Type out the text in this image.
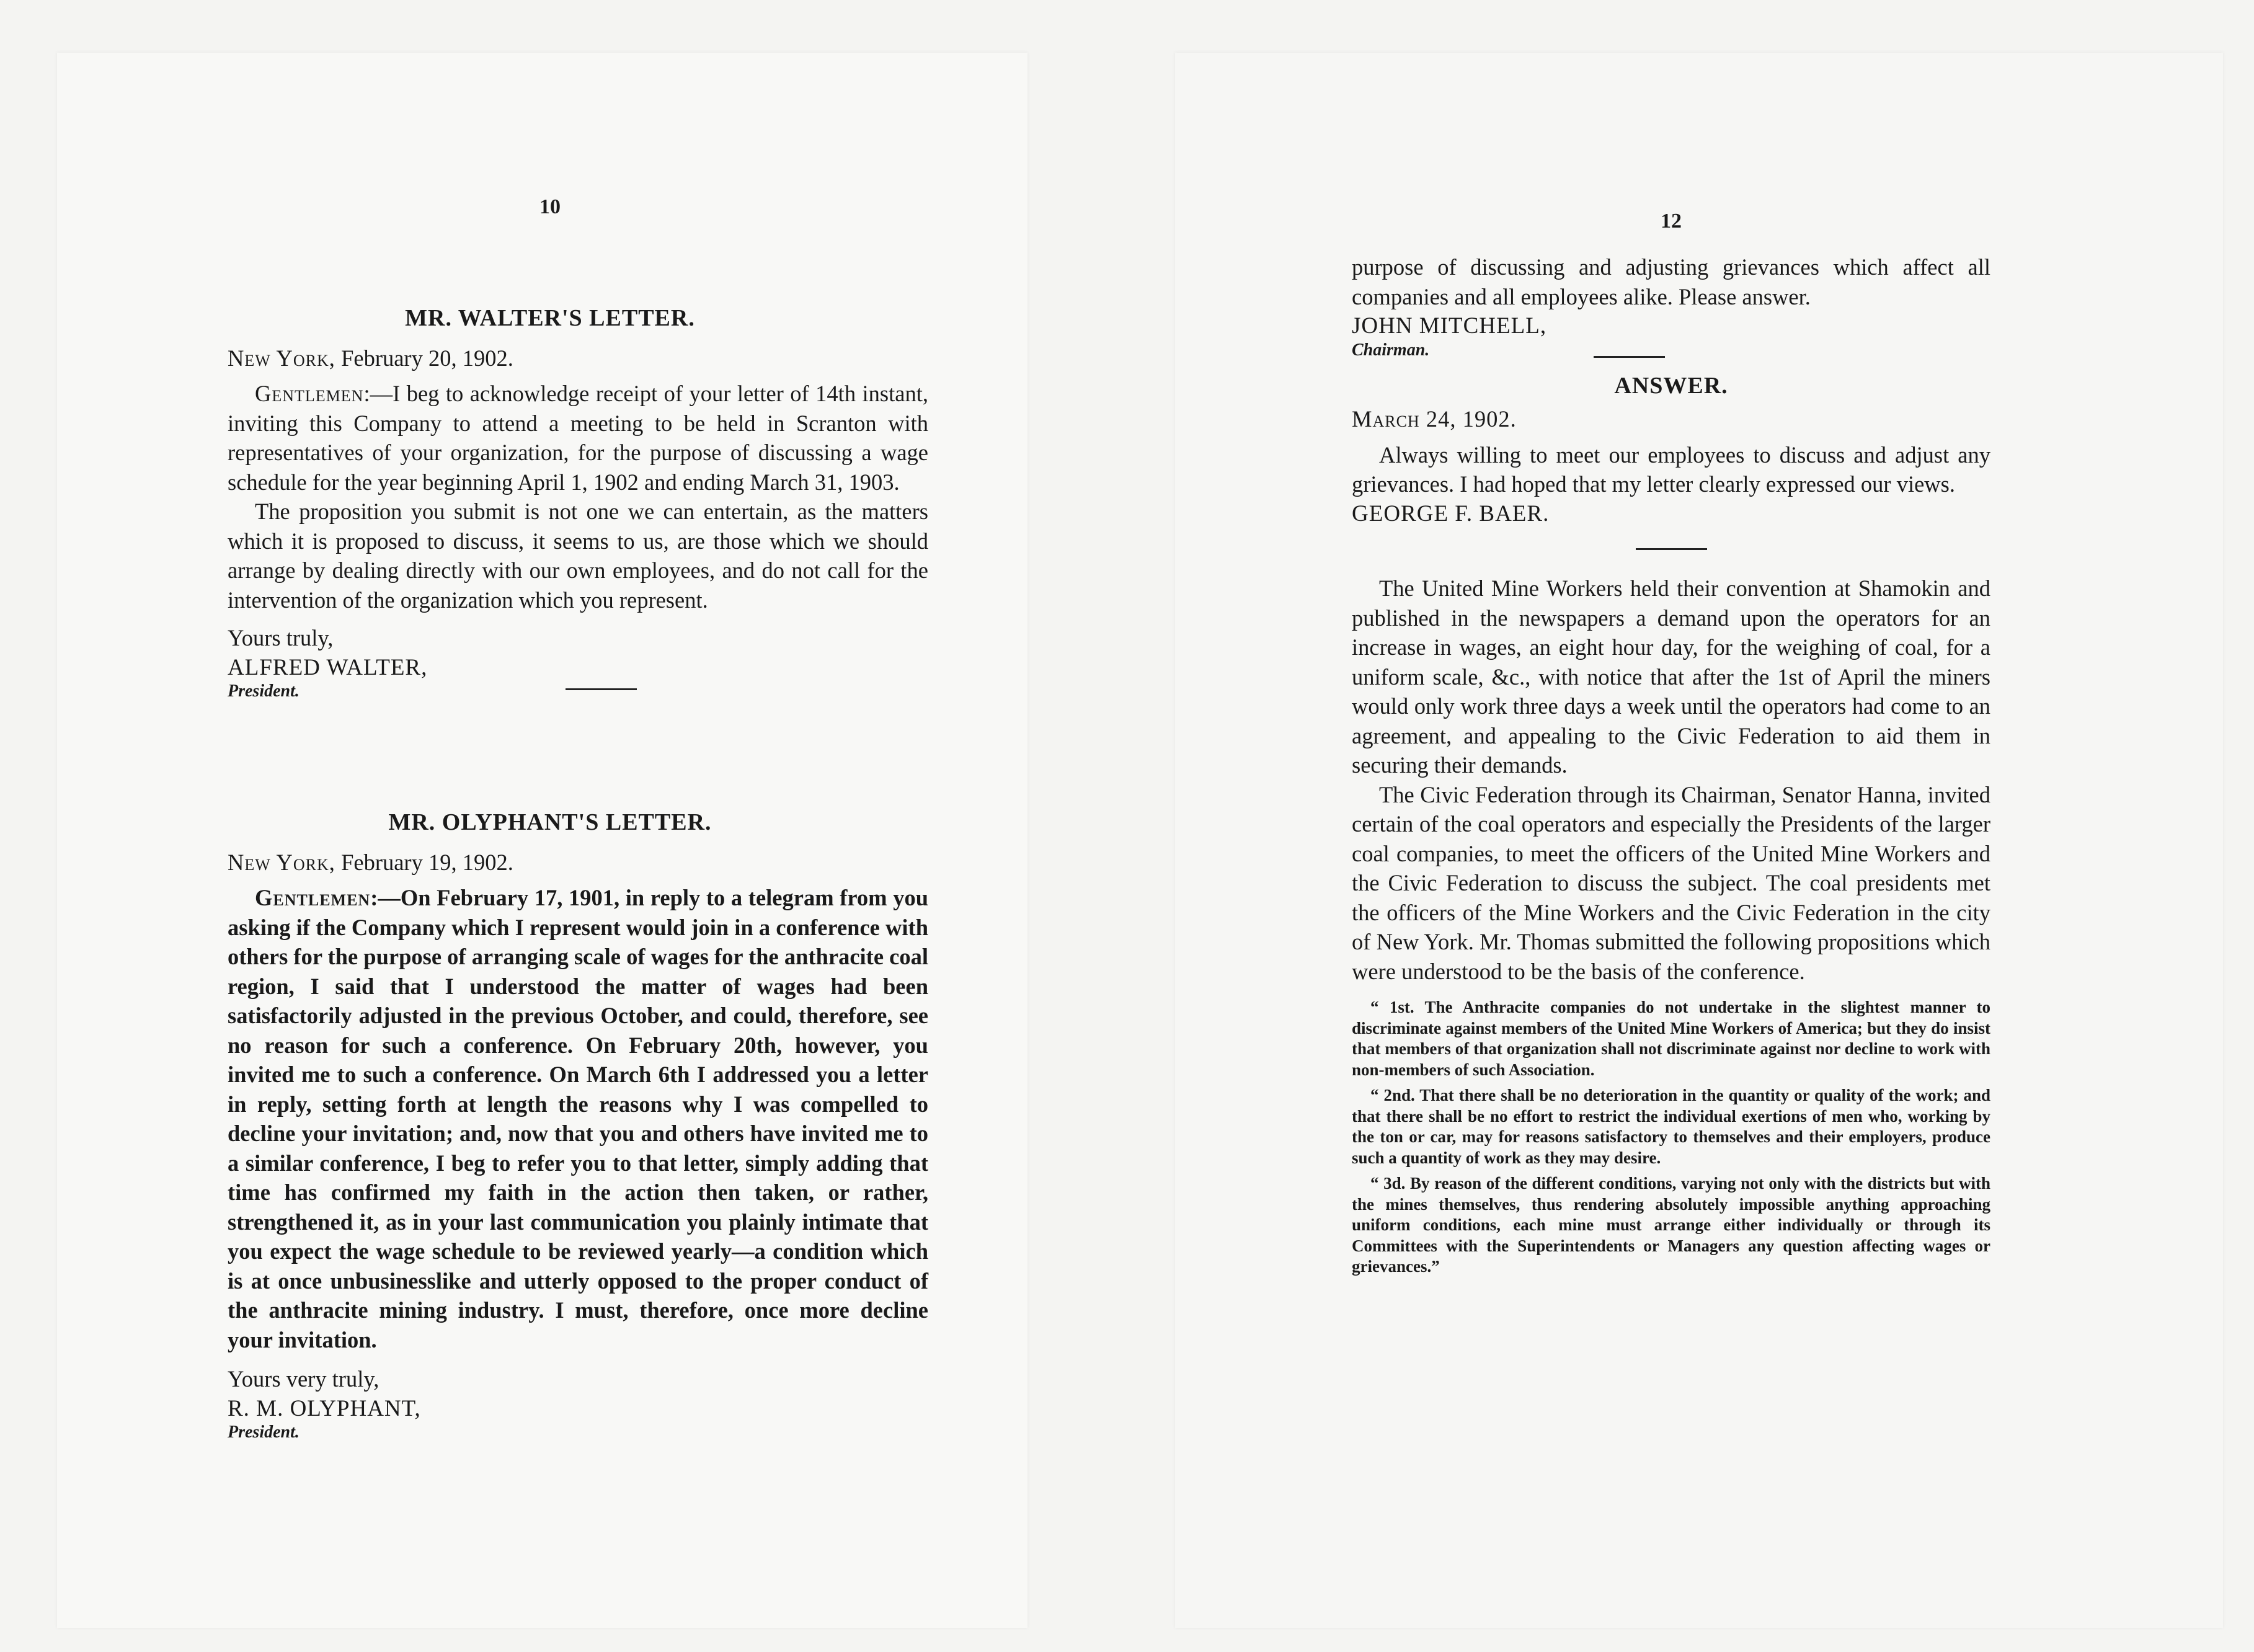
10
MR. WALTER'S LETTER.

New York, February 20, 1902.

Gentlemen:—I beg to acknowledge receipt of your letter of 14th instant, inviting this Company to attend a meeting to be held in Scranton with representatives of your organization, for the purpose of discussing a wage schedule for the year beginning April 1, 1902 and ending March 31, 1903.

The proposition you submit is not one we can entertain, as the matters which it is proposed to discuss, it seems to us, are those which we should arrange by dealing directly with our own employees, and do not call for the intervention of the organization which you represent.

Yours truly,

ALFRED WALTER,

President.

MR. OLYPHANT'S LETTER.

New York, February 19, 1902.

Gentlemen:—On February 17, 1901, in reply to a telegram from you asking if the Company which I represent would join in a conference with others for the purpose of arranging scale of wages for the anthracite coal region, I said that I understood the matter of wages had been satisfactorily adjusted in the previous October, and could, therefore, see no reason for such a conference. On February 20th, however, you invited me to such a conference. On March 6th I addressed you a letter in reply, setting forth at length the reasons why I was compelled to decline your invitation; and, now that you and others have invited me to a similar conference, I beg to refer you to that letter, simply adding that time has confirmed my faith in the action then taken, or rather, strengthened it, as in your last communication you plainly intimate that you expect the wage schedule to be reviewed yearly—a condition which is at once unbusinesslike and utterly opposed to the proper conduct of the anthracite mining industry. I must, therefore, once more decline your invitation.

Yours very truly,

R. M. OLYPHANT,

President.

12

purpose of discussing and adjusting grievances which affect all companies and all employees alike. Please answer.

JOHN MITCHELL,

Chairman.

ANSWER.

March 24, 1902.

Always willing to meet our employees to discuss and adjust any grievances. I had hoped that my letter clearly expressed our views.

GEORGE F. BAER.

The United Mine Workers held their convention at Shamokin and published in the newspapers a demand upon the operators for an increase in wages, an eight hour day, for the weighing of coal, for a uniform scale, &c., with notice that after the 1st of April the miners would only work three days a week until the operators had come to an agreement, and appealing to the Civic Federation to aid them in securing their demands.

The Civic Federation through its Chairman, Senator Hanna, invited certain of the coal operators and especially the Presidents of the larger coal companies, to meet the officers of the United Mine Workers and the Civic Federation to discuss the subject. The coal presidents met the officers of the Mine Workers and the Civic Federation in the city of New York. Mr. Thomas submitted the following propositions which were understood to be the basis of the conference.

“ 1st. The Anthracite companies do not undertake in the slightest manner to discriminate against members of the United Mine Workers of America; but they do insist that members of that organization shall not discriminate against nor decline to work with non-members of such Association.

“ 2nd. That there shall be no deterioration in the quantity or quality of the work; and that there shall be no effort to restrict the individual exertions of men who, working by the ton or car, may for reasons satisfactory to themselves and their employers, produce such a quantity of work as they may desire.

“ 3d. By reason of the different conditions, varying not only with the districts but with the mines themselves, thus rendering absolutely impossible anything approaching uniform conditions, each mine must arrange either individually or through its Committees with the Superintendents or Managers any question affecting wages or grievances.”
